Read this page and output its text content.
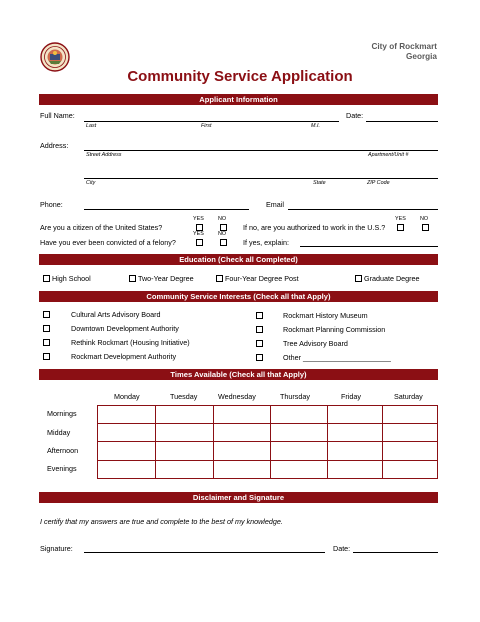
City of Rockmart
Georgia
Community Service Application
Applicant Information
Full Name:	Date:
Last	First	M.I.
Address:
Street Address	Apartment/Unit #
City	State	ZIP Code
Phone:	Email
YES	NO
Are you a citizen of the United States?	If no, are you authorized to work in the U.S.?
YES	NO
YES	NO
Have you ever been convicted of a felony?	If yes, explain:
Education (Check all Completed)
High School	Two-Year Degree	Four-Year Degree Post	Graduate Degree
Community Service Interests (Check all that Apply)
Cultural Arts Advisory Board
Downtown Development Authority
Rethink Rockmart (Housing Initiative)
Rockmart Development Authority
Rockmart History Museum
Rockmart Planning Commission
Tree Advisory Board
Other ______________________
Times Available (Check all that Apply)
Monday	Tuesday	Wednesday	Thursday	Friday	Saturday
Mornings
Midday
Afternoon
Evenings

Disclaimer and Signature
I certify that my answers are true and complete to the best of my knowledge.
Signature:	Date:
